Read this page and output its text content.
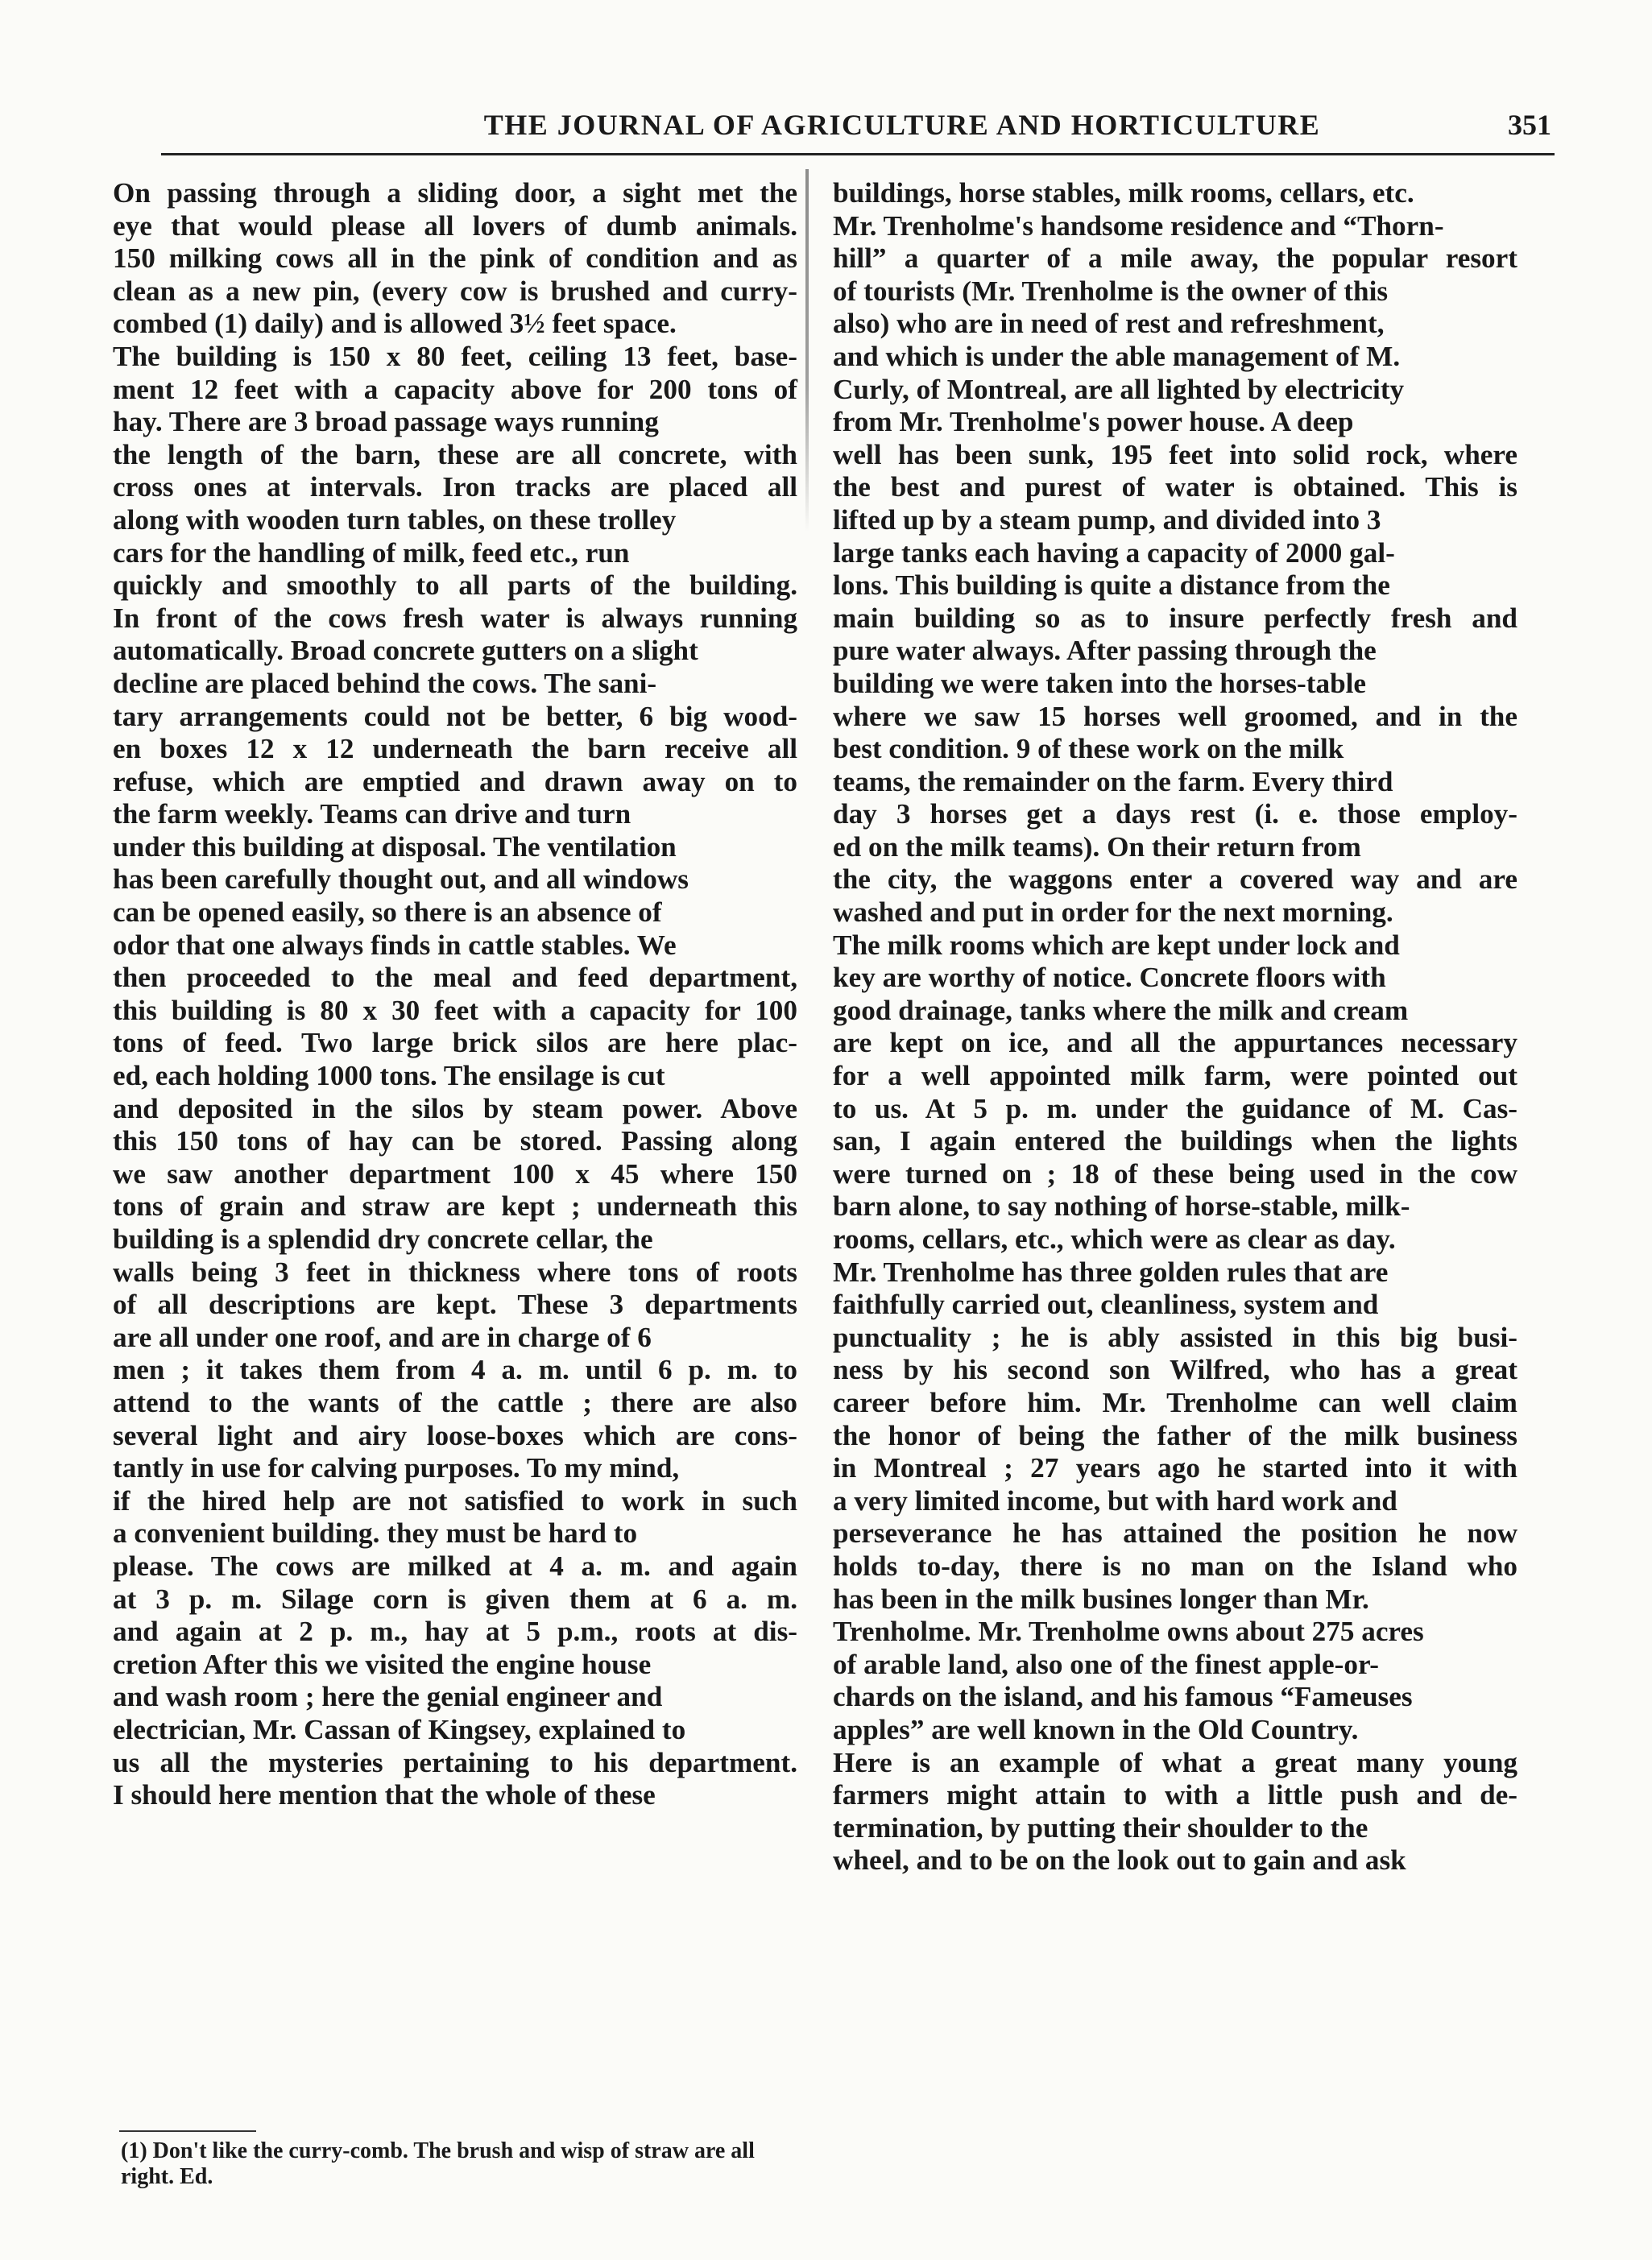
THE JOURNAL OF AGRICULTURE AND HORTICULTURE	351
On passing through a sliding door, a sight met the
eye that would please all lovers of dumb animals.
150 milking cows all in the pink of condition and as
clean as a new pin, (every cow is brushed and curry-
combed (1) daily) and is allowed 3½ feet space.
The building is 150 x 80 feet, ceiling 13 feet, base-
ment 12 feet with a capacity above for 200 tons of
hay. There are 3 broad passage ways running
the length of the barn, these are all concrete, with
cross ones at intervals. Iron tracks are placed all
along with wooden turn tables, on these trolley
cars for the handling of milk, feed etc., run
quickly and smoothly to all parts of the building.
In front of the cows fresh water is always running
automatically. Broad concrete gutters on a slight
decline are placed behind the cows. The sani-
tary arrangements could not be better, 6 big wood-
en boxes 12 x 12 underneath the barn receive all
refuse, which are emptied and drawn away on to
the farm weekly. Teams can drive and turn
under this building at disposal. The ventilation
has been carefully thought out, and all windows
can be opened easily, so there is an absence of
odor that one always finds in cattle stables. We
then proceeded to the meal and feed department,
this building is 80 x 30 feet with a capacity for 100
tons of feed. Two large brick silos are here plac-
ed, each holding 1000 tons. The ensilage is cut
and deposited in the silos by steam power. Above
this 150 tons of hay can be stored. Passing along
we saw another department 100 x 45 where 150
tons of grain and straw are kept ; underneath this
building is a splendid dry concrete cellar, the
walls being 3 feet in thickness where tons of roots
of all descriptions are kept. These 3 departments
are all under one roof, and are in charge of 6
men ; it takes them from 4 a. m. until 6 p. m. to
attend to the wants of the cattle ; there are also
several light and airy loose-boxes which are cons-
tantly in use for calving purposes. To my mind,
if the hired help are not satisfied to work in such
a convenient building. they must be hard to
please. The cows are milked at 4 a. m. and again
at 3 p. m. Silage corn is given them at 6 a. m.
and again at 2 p. m., hay at 5 p.m., roots at dis-
cretion After this we visited the engine house
and wash room ; here the genial engineer and
electrician, Mr. Cassan of Kingsey, explained to
us all the mysteries pertaining to his department.
I should here mention that the whole of these
buildings, horse stables, milk rooms, cellars, etc.
Mr. Trenholme's handsome residence and “Thorn-
hill” a quarter of a mile away, the popular resort
of tourists (Mr. Trenholme is the owner of this
also) who are in need of rest and refreshment,
and which is under the able management of M.
Curly, of Montreal, are all lighted by electricity
from Mr. Trenholme's power house. A deep
well has been sunk, 195 feet into solid rock, where
the best and purest of water is obtained. This is
lifted up by a steam pump, and divided into 3
large tanks each having a capacity of 2000 gal-
lons. This building is quite a distance from the
main building so as to insure perfectly fresh and
pure water always. After passing through the
building we were taken into the horses-table
where we saw 15 horses well groomed, and in the
best condition. 9 of these work on the milk
teams, the remainder on the farm. Every third
day 3 horses get a days rest (i. e. those employ-
ed on the milk teams). On their return from
the city, the waggons enter a covered way and are
washed and put in order for the next morning.
The milk rooms which are kept under lock and
key are worthy of notice. Concrete floors with
good drainage, tanks where the milk and cream
are kept on ice, and all the appurtances necessary
for a well appointed milk farm, were pointed out
to us. At 5 p. m. under the guidance of M. Cas-
san, I again entered the buildings when the lights
were turned on ; 18 of these being used in the cow
barn alone, to say nothing of horse-stable, milk-
rooms, cellars, etc., which were as clear as day.
Mr. Trenholme has three golden rules that are
faithfully carried out, cleanliness, system and
punctuality ; he is ably assisted in this big busi-
ness by his second son Wilfred, who has a great
career before him. Mr. Trenholme can well claim
the honor of being the father of the milk business
in Montreal ; 27 years ago he started into it with
a very limited income, but with hard work and
perseverance he has attained the position he now
holds to-day, there is no man on the Island who
has been in the milk busines longer than Mr.
Trenholme. Mr. Trenholme owns about 275 acres
of arable land, also one of the finest apple-or-
chards on the island, and his famous “Fameuses
apples” are well known in the Old Country.
Here is an example of what a great many young
farmers might attain to with a little push and de-
termination, by putting their shoulder to the
wheel, and to be on the look out to gain and ask
(1) Don't like the curry-comb. The brush and wisp of straw are all right. Ed.
